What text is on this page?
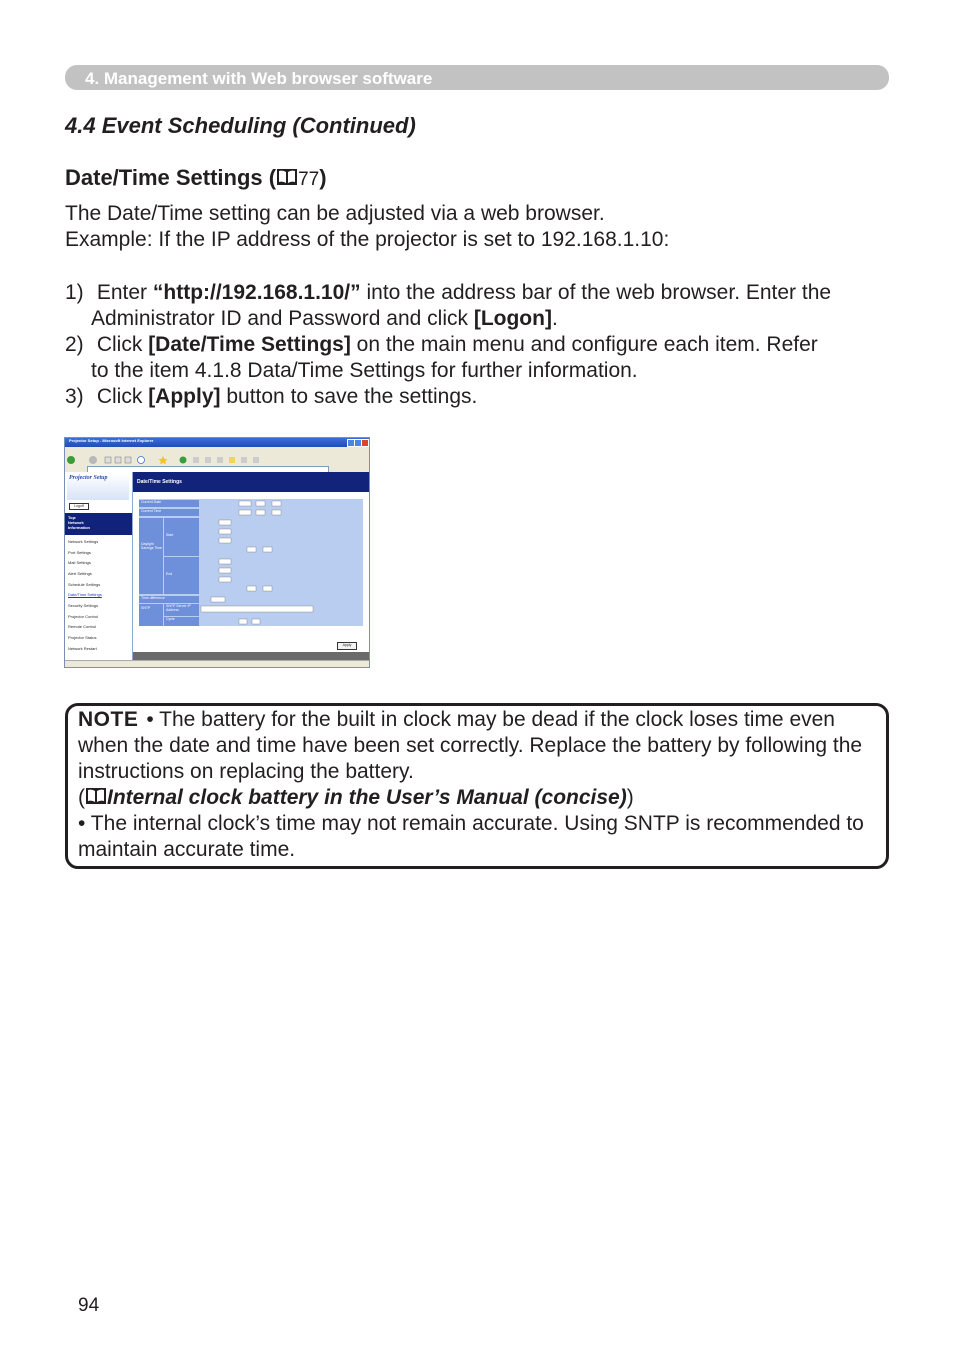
4. Management with Web browser software
4.4 Event Scheduling (Continued)
Date/Time Settings ( 77)
The Date/Time setting can be adjusted via a web browser.
Example: If the IP address of the projector is set to 192.168.1.10:
1) Enter “http://192.168.1.10/” into the address bar of the web browser. Enter the
Administrator ID and Password and click [Logon].
2) Click [Date/Time Settings] on the main menu and configure each item. Refer
to the item 4.1.8 Data/Time Settings for further information.
3) Click [Apply] button to save the settings.
Projector Setup - Microsoft Internet Explorer
Projector Setup
Logoff
Top:
Network
Information
Network Settings
Port Settings
Mail Settings
Alert Settings
Schedule Settings
Date/Time Settings
Security Settings
Projector Control
Remote Control
Projector Status
Network Restart
Date/Time Settings
Current Date
Current Time
Daylight Savings Time
Start
End
Time difference
SNTP	SNTP Server IP Address
Cycle
Apply
NOTE • The battery for the built in clock may be dead if the clock loses time even when the date and time have been set correctly. Replace the battery by following the instructions on replacing the battery.
( Internal clock battery in the User’s Manual (concise))
• The internal clock’s time may not remain accurate. Using SNTP is recommended to maintain accurate time.
94
